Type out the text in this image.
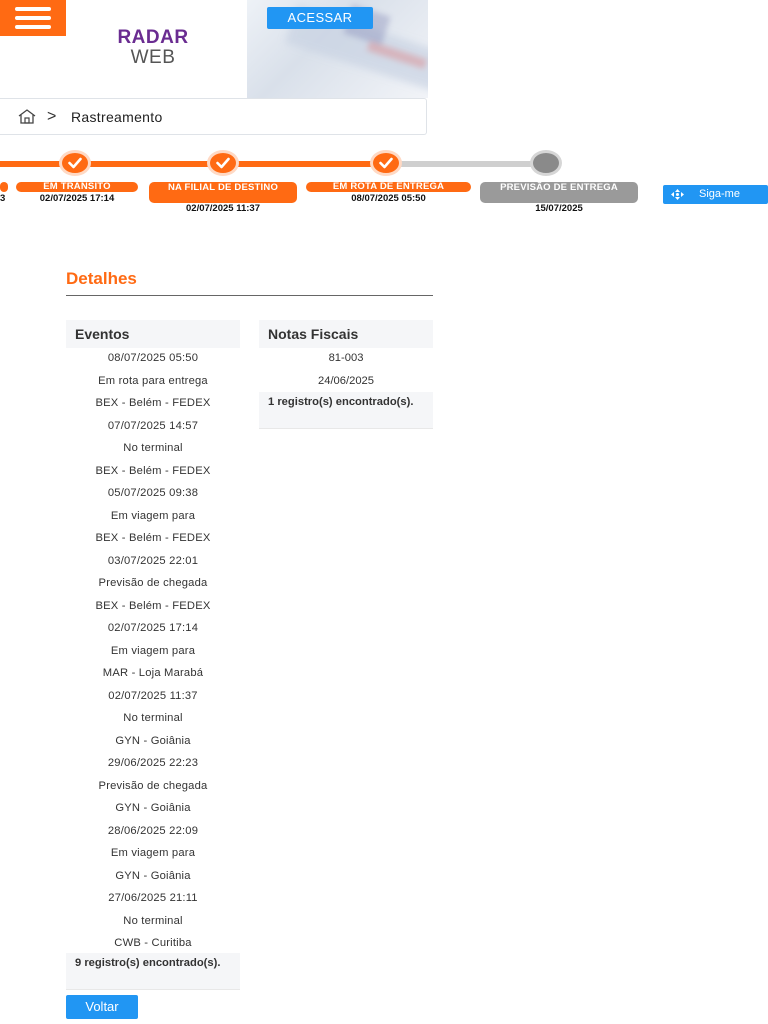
RADAR
WEB
ACESSAR
> Rastreamento
3
EM TRÂNSITO
02/07/2025 17:14
NA FILIAL DE DESTINO
02/07/2025 11:37
EM ROTA DE ENTREGA
08/07/2025 05:50
PREVISÃO DE ENTREGA
15/07/2025
Siga-me
Detalhes
Eventos
08/07/2025 05:50
Em rota para entrega
BEX - Belém - FEDEX
07/07/2025 14:57
No terminal
BEX - Belém - FEDEX
05/07/2025 09:38
Em viagem para
BEX - Belém - FEDEX
03/07/2025 22:01
Previsão de chegada
BEX - Belém - FEDEX
02/07/2025 17:14
Em viagem para
MAR - Loja Marabá
02/07/2025 11:37
No terminal
GYN - Goiânia
29/06/2025 22:23
Previsão de chegada
GYN - Goiânia
28/06/2025 22:09
Em viagem para
GYN - Goiânia
27/06/2025 21:11
No terminal
CWB - Curitiba
9 registro(s) encontrado(s).
Notas Fiscais
81-003
24/06/2025
1 registro(s) encontrado(s).
Voltar
